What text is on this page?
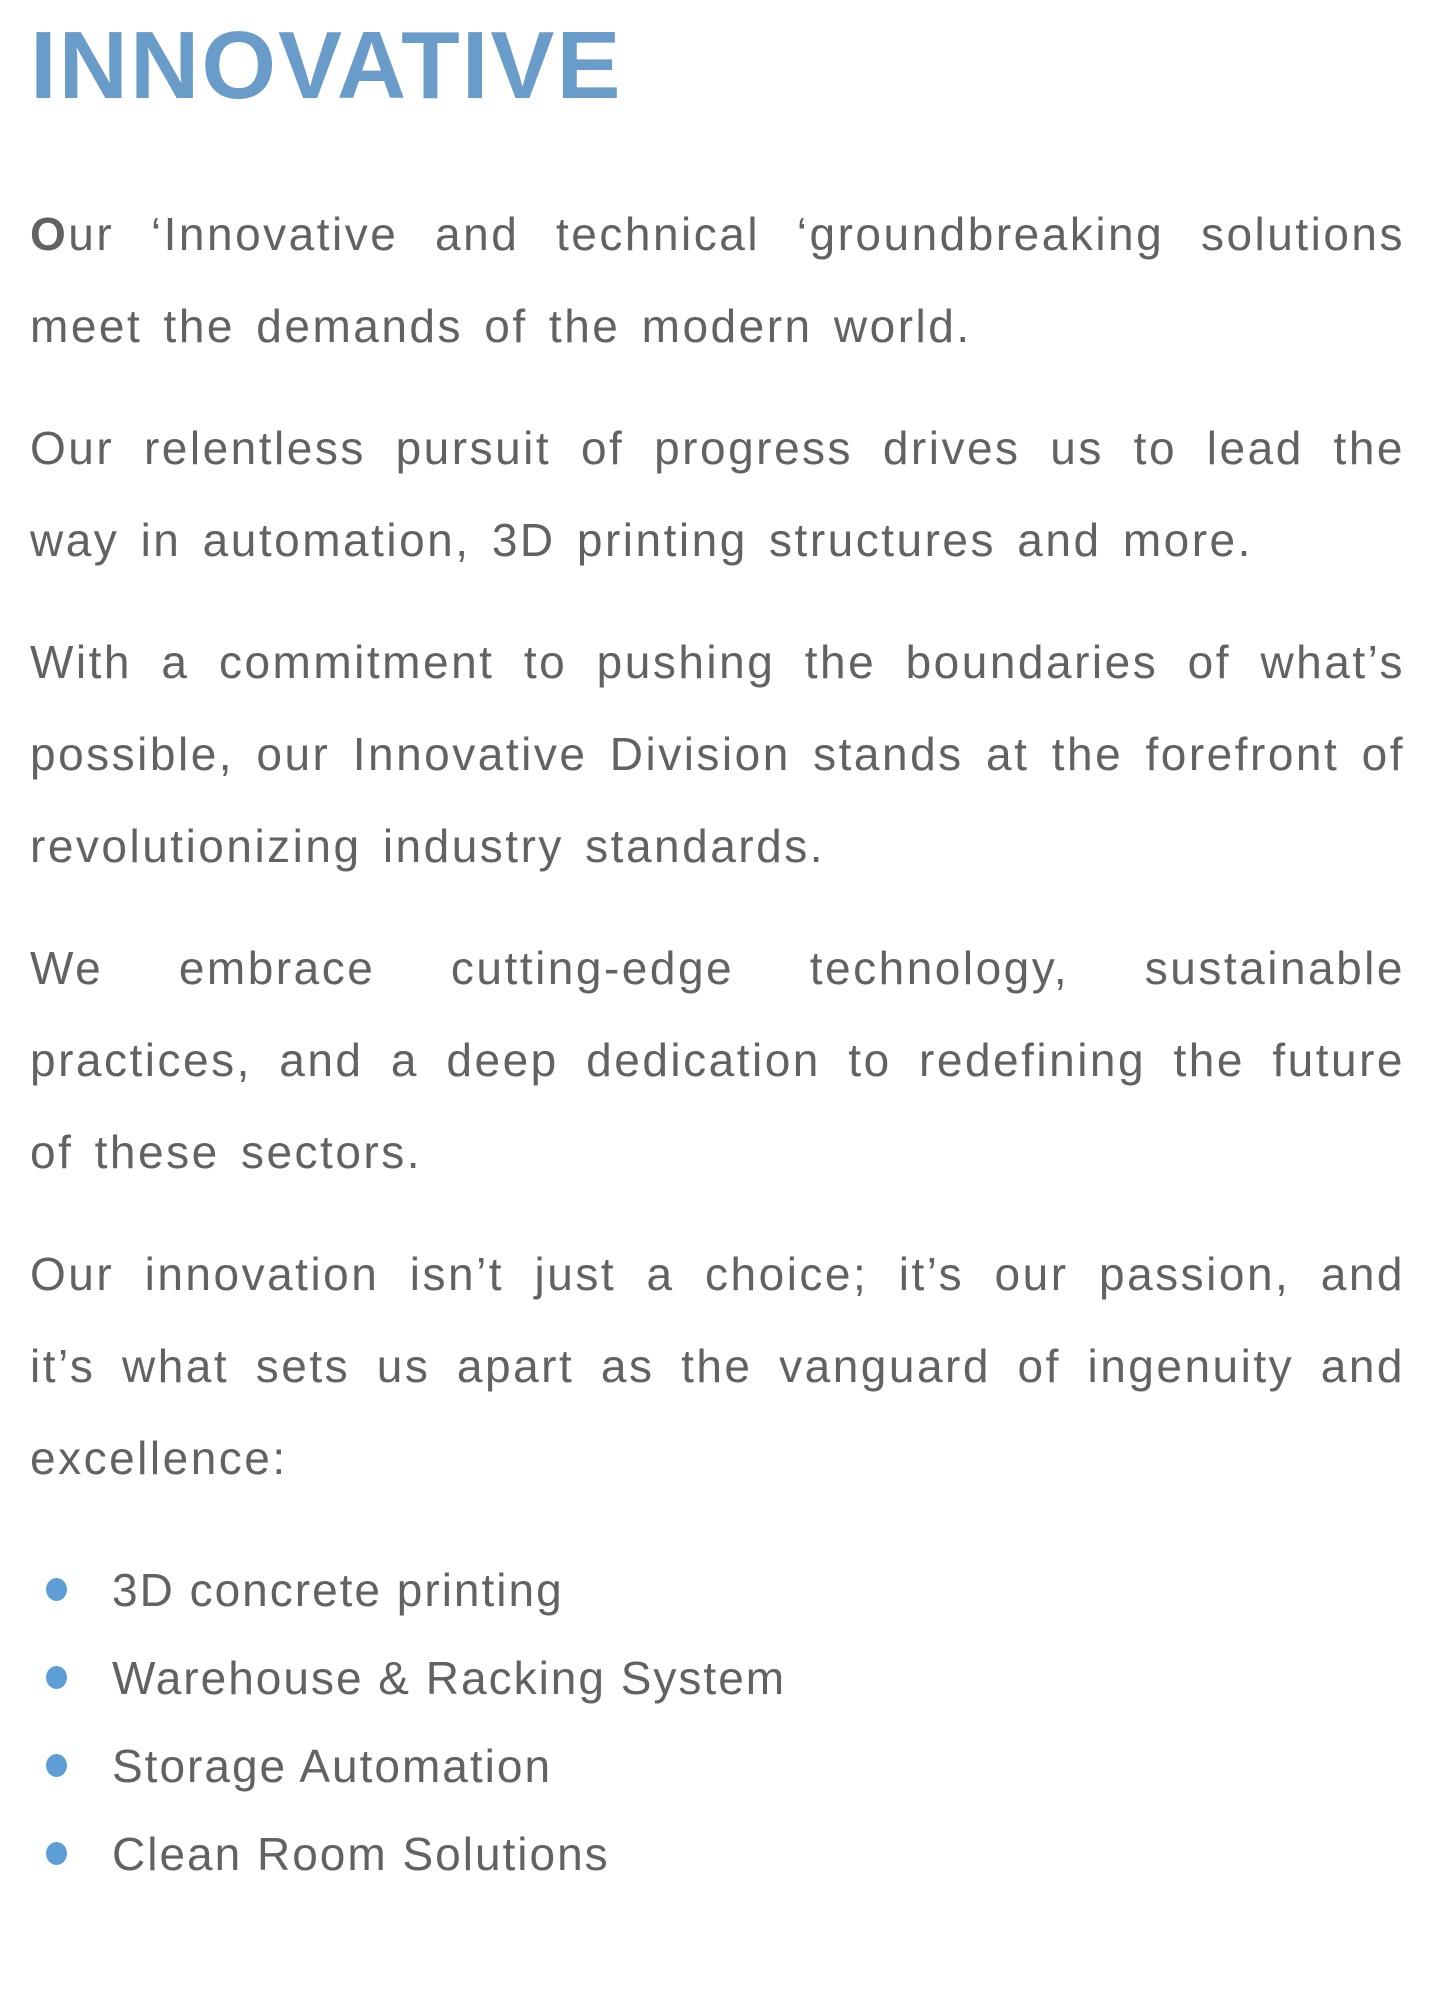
INNOVATIVE

Our ‘Innovative and technical ‘groundbreaking solutions meet the demands of the modern world.

Our relentless pursuit of progress drives us to lead the way in automation, 3D printing structures and more.

With a commitment to pushing the boundaries of what’s possible, our Innovative Division stands at the forefront of revolutionizing industry standards.

We embrace cutting-edge technology, sustainable practices, and a deep dedication to redefining the future of these sectors.

Our innovation isn’t just a choice; it’s our passion, and it’s what sets us apart as the vanguard of ingenuity and excellence:

3D concrete printing
Warehouse & Racking System
Storage Automation
Clean Room Solutions
